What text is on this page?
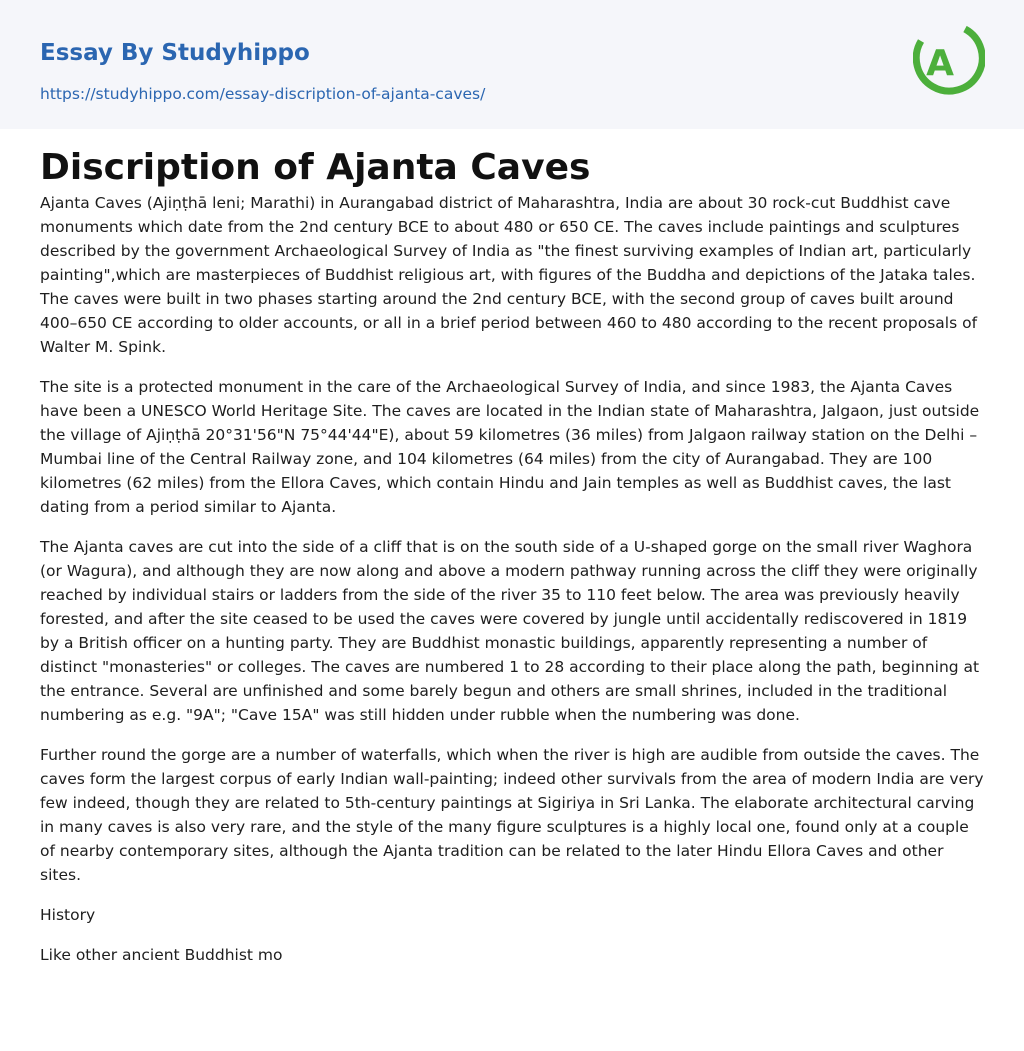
Essay By Studyhippo
https://studyhippo.com/essay-discription-of-ajanta-caves/
A
Discription of Ajanta Caves

Ajanta Caves (Ajiṇṭhā leni; Marathi) in Aurangabad district of Maharashtra, India are about 30 rock-cut Buddhist cave monuments which date from the 2nd century BCE to about 480 or 650 CE. The caves include paintings and sculptures described by the government Archaeological Survey of India as "the finest surviving examples of Indian art, particularly painting",which are masterpieces of Buddhist religious art, with figures of the Buddha and depictions of the Jataka tales. The caves were built in two phases starting around the 2nd century BCE, with the second group of caves built around 400–650 CE according to older accounts, or all in a brief period between 460 to 480 according to the recent proposals of Walter M. Spink.

The site is a protected monument in the care of the Archaeological Survey of India, and since 1983, the Ajanta Caves have been a UNESCO World Heritage Site. The caves are located in the Indian state of Maharashtra, Jalgaon, just outside the village of Ajiṇṭhā 20°31'56"N 75°44'44"E), about 59 kilometres (36 miles) from Jalgaon railway station on the Delhi – Mumbai line of the Central Railway zone, and 104 kilometres (64 miles) from the city of Aurangabad. They are 100 kilometres (62 miles) from the Ellora Caves, which contain Hindu and Jain temples as well as Buddhist caves, the last dating from a period similar to Ajanta.

The Ajanta caves are cut into the side of a cliff that is on the south side of a U-shaped gorge on the small river Waghora (or Wagura), and although they are now along and above a modern pathway running across the cliff they were originally reached by individual stairs or ladders from the side of the river 35 to 110 feet below. The area was previously heavily forested, and after the site ceased to be used the caves were covered by jungle until accidentally rediscovered in 1819 by a British officer on a hunting party. They are Buddhist monastic buildings, apparently representing a number of distinct "monasteries" or colleges. The caves are numbered 1 to 28 according to their place along the path, beginning at the entrance. Several are unfinished and some barely begun and others are small shrines, included in the traditional numbering as e.g. "9A"; "Cave 15A" was still hidden under rubble when the numbering was done.

Further round the gorge are a number of waterfalls, which when the river is high are audible from outside the caves. The caves form the largest corpus of early Indian wall-painting; indeed other survivals from the area of modern India are very few indeed, though they are related to 5th-century paintings at Sigiriya in Sri Lanka. The elaborate architectural carving in many caves is also very rare, and the style of the many figure sculptures is a highly local one, found only at a couple of nearby contemporary sites, although the Ajanta tradition can be related to the later Hindu Ellora Caves and other sites.

History

Like other ancient Buddhist mo
